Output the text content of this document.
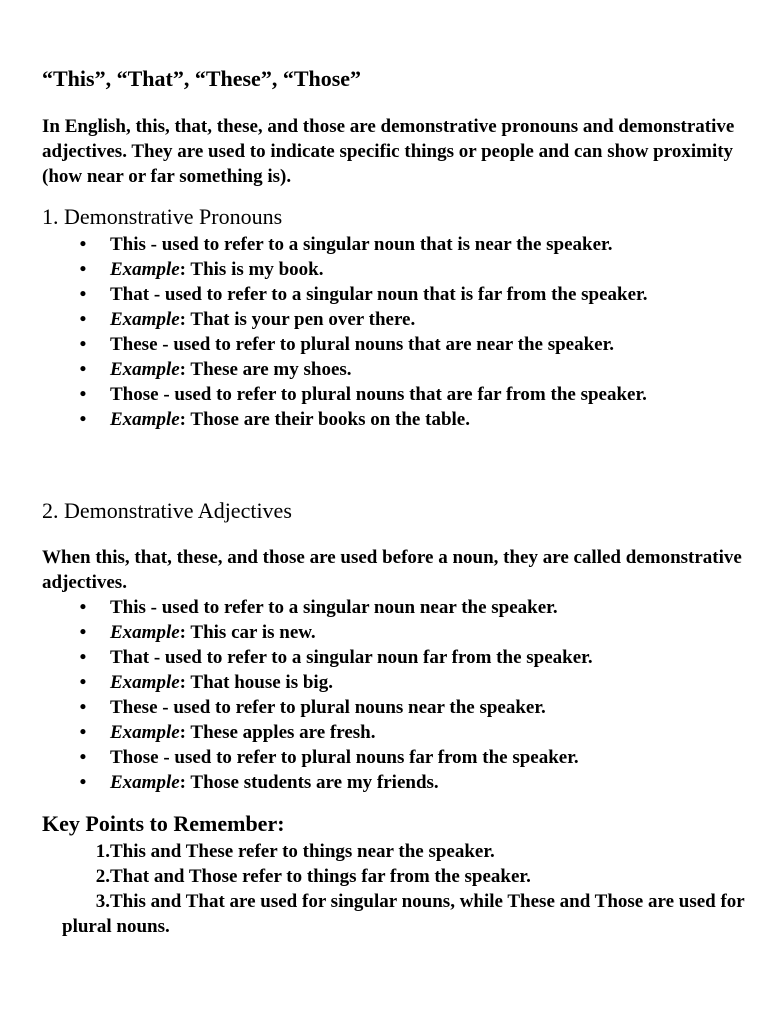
“This”, “That”, “These”, “Those”

In English, this, that, these, and those are demonstrative pronouns and demonstrative adjectives. They are used to indicate specific things or people and can show proximity (how near or far something is).

1. Demonstrative Pronouns
• This - used to refer to a singular noun that is near the speaker.
• Example: This is my book.
• That - used to refer to a singular noun that is far from the speaker.
• Example: That is your pen over there.
• These - used to refer to plural nouns that are near the speaker.
• Example: These are my shoes.
• Those - used to refer to plural nouns that are far from the speaker.
• Example: Those are their books on the table.
2. Demonstrative Adjectives

When this, that, these, and those are used before a noun, they are called demonstrative adjectives.

• This - used to refer to a singular noun near the speaker.
• Example: This car is new.
• That - used to refer to a singular noun far from the speaker.
• Example: That house is big.
• These - used to refer to plural nouns near the speaker.
• Example: These apples are fresh.
• Those - used to refer to plural nouns far from the speaker.
• Example: Those students are my friends.
Key Points to Remember:
1.This and These refer to things near the speaker.
2.That and Those refer to things far from the speaker.
3.This and That are used for singular nouns, while These and Those are used for plural nouns.
